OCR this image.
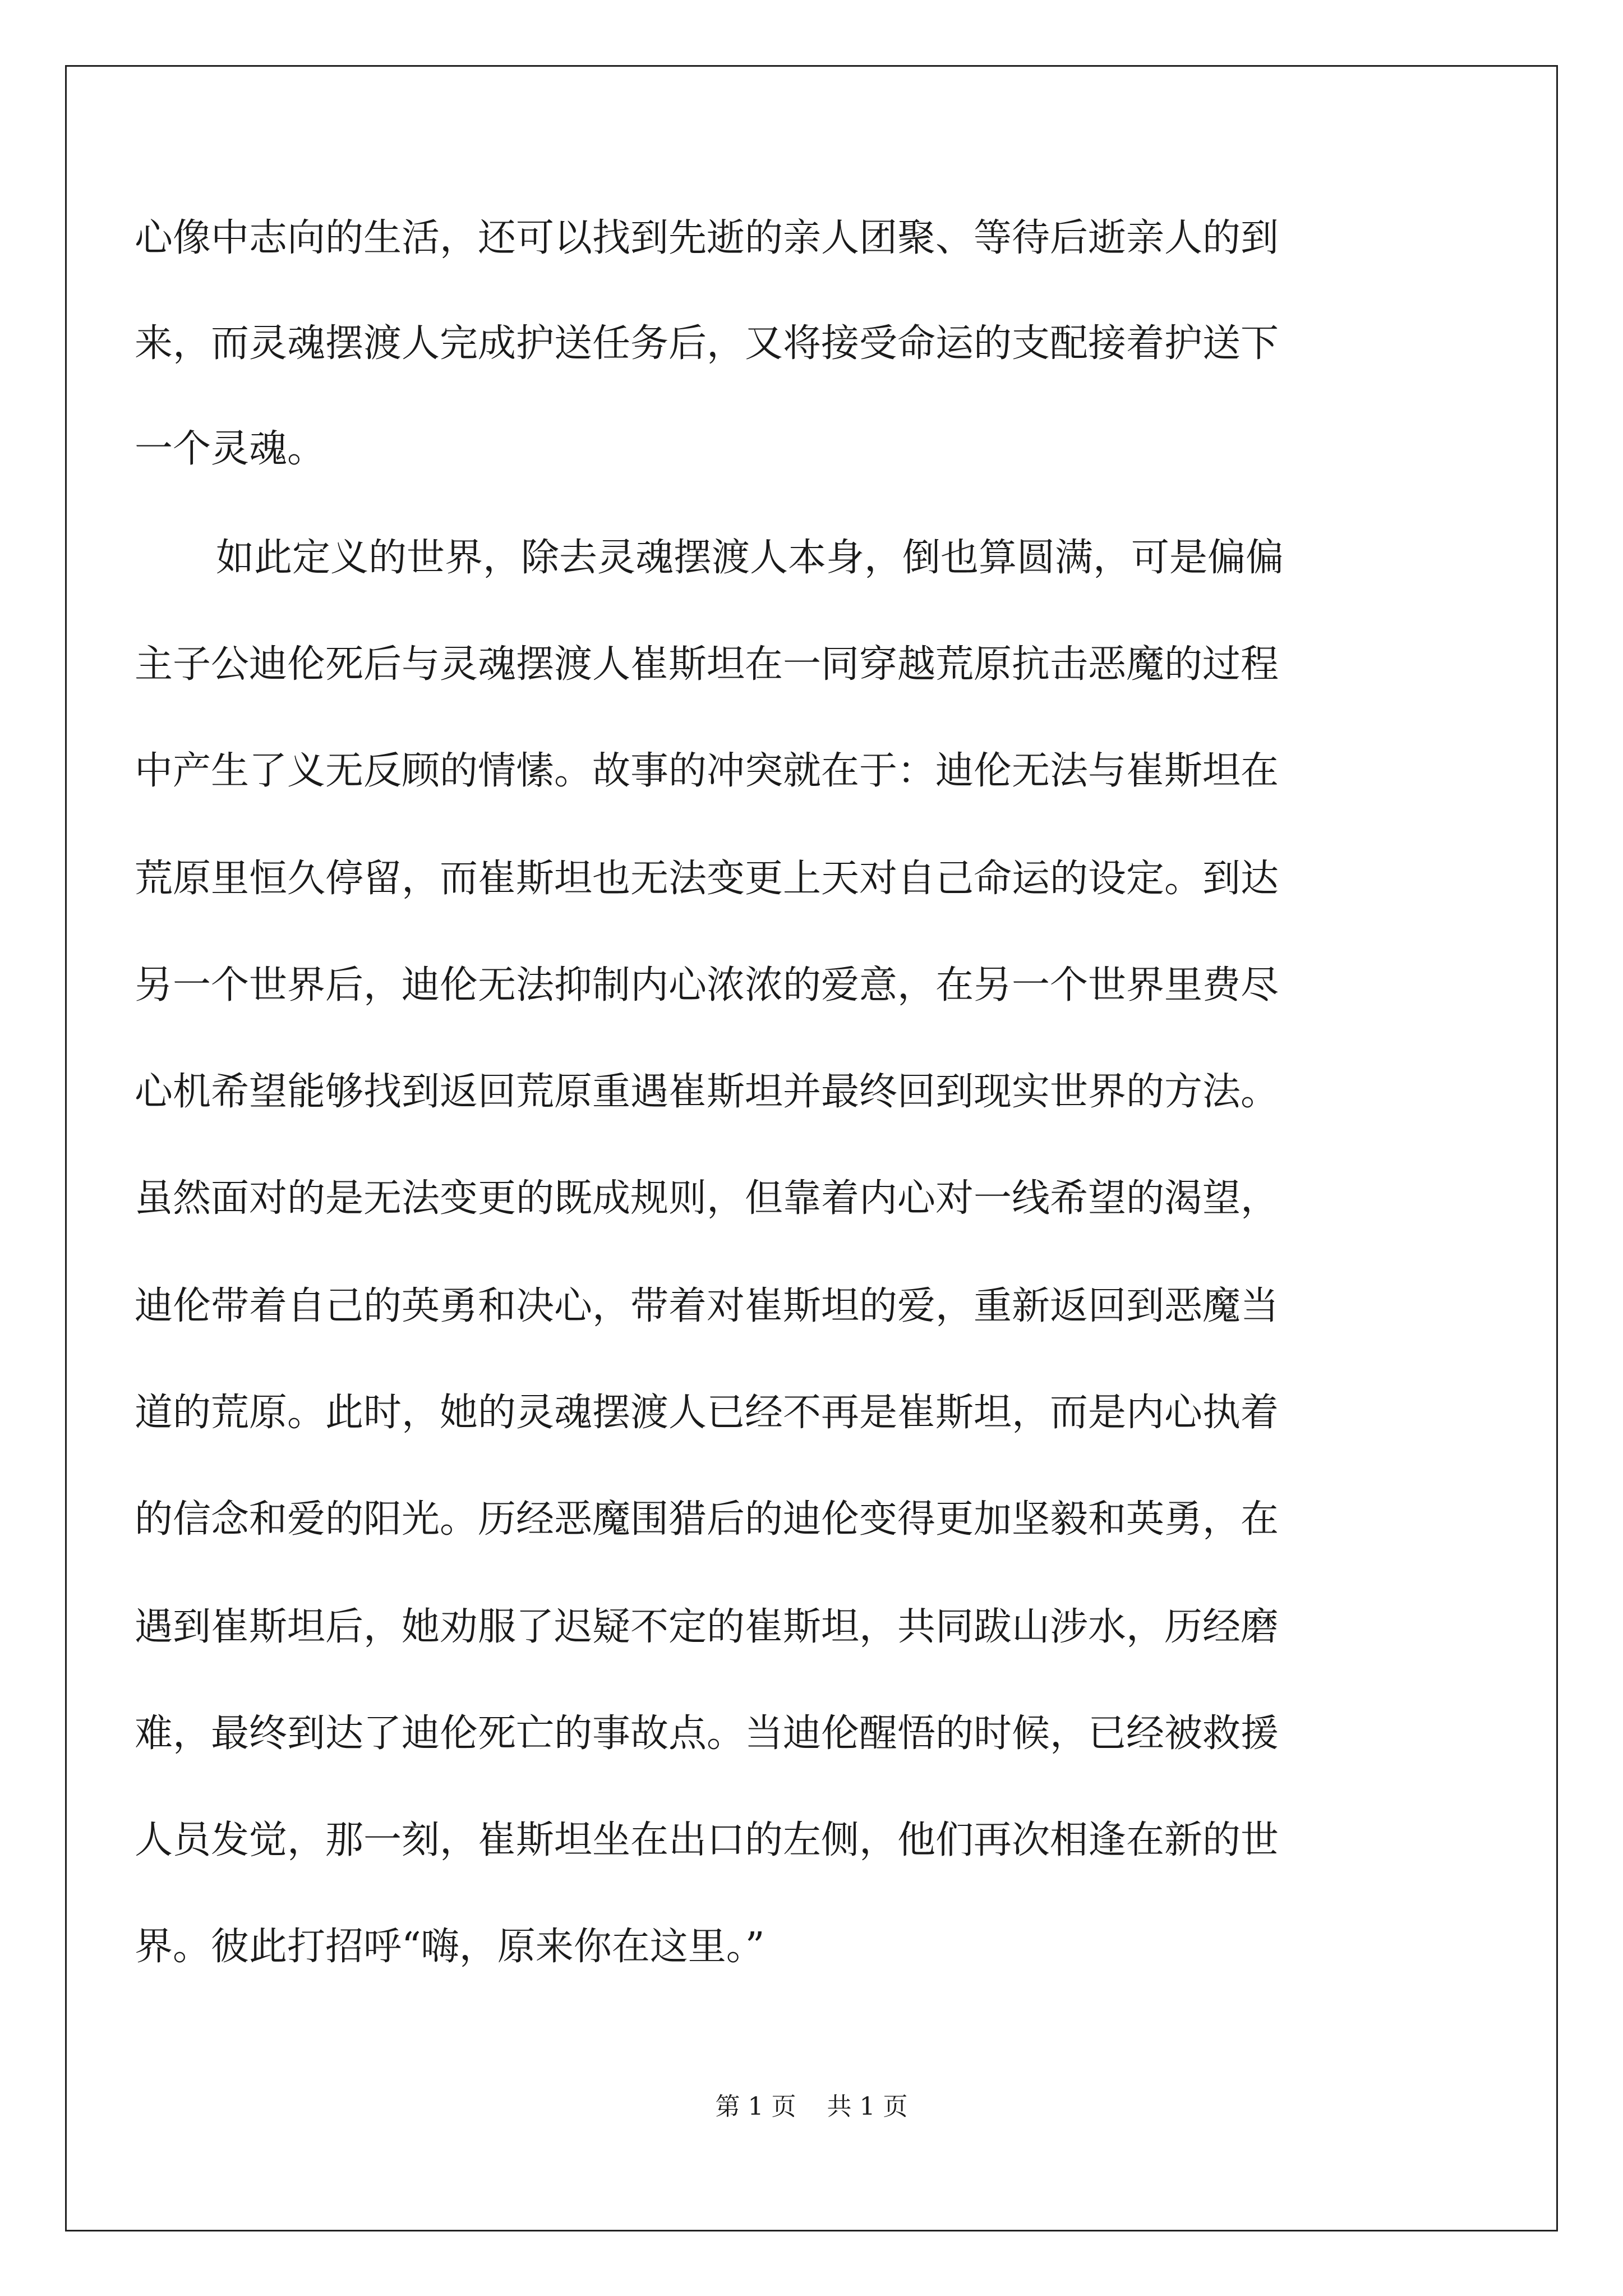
心像中志向的生活，还可以找到先逝的亲人团聚、等待后逝亲人的到
来，而灵魂摆渡人完成护送任务后，又将接受命运的支配接着护送下
一个灵魂。
如此定义的世界，除去灵魂摆渡人本身，倒也算圆满，可是偏偏
主子公迪伦死后与灵魂摆渡人崔斯坦在一同穿越荒原抗击恶魔的过程
中产生了义无反顾的情愫。故事的冲突就在于：迪伦无法与崔斯坦在
荒原里恒久停留，而崔斯坦也无法变更上天对自己命运的设定。到达
另一个世界后，迪伦无法抑制内心浓浓的爱意，在另一个世界里费尽
心机希望能够找到返回荒原重遇崔斯坦并最终回到现实世界的方法。
虽然面对的是无法变更的既成规则，但靠着内心对一线希望的渴望，
迪伦带着自己的英勇和决心，带着对崔斯坦的爱，重新返回到恶魔当
道的荒原。此时，她的灵魂摆渡人已经不再是崔斯坦，而是内心执着
的信念和爱的阳光。历经恶魔围猎后的迪伦变得更加坚毅和英勇，在
遇到崔斯坦后，她劝服了迟疑不定的崔斯坦，共同跋山涉水，历经磨
难，最终到达了迪伦死亡的事故点。当迪伦醒悟的时候，已经被救援
人员发觉，那一刻，崔斯坦坐在出口的左侧，他们再次相逢在新的世
界。彼此打招呼“嗨，原来你在这里。”
第 1 页 共 1 页
